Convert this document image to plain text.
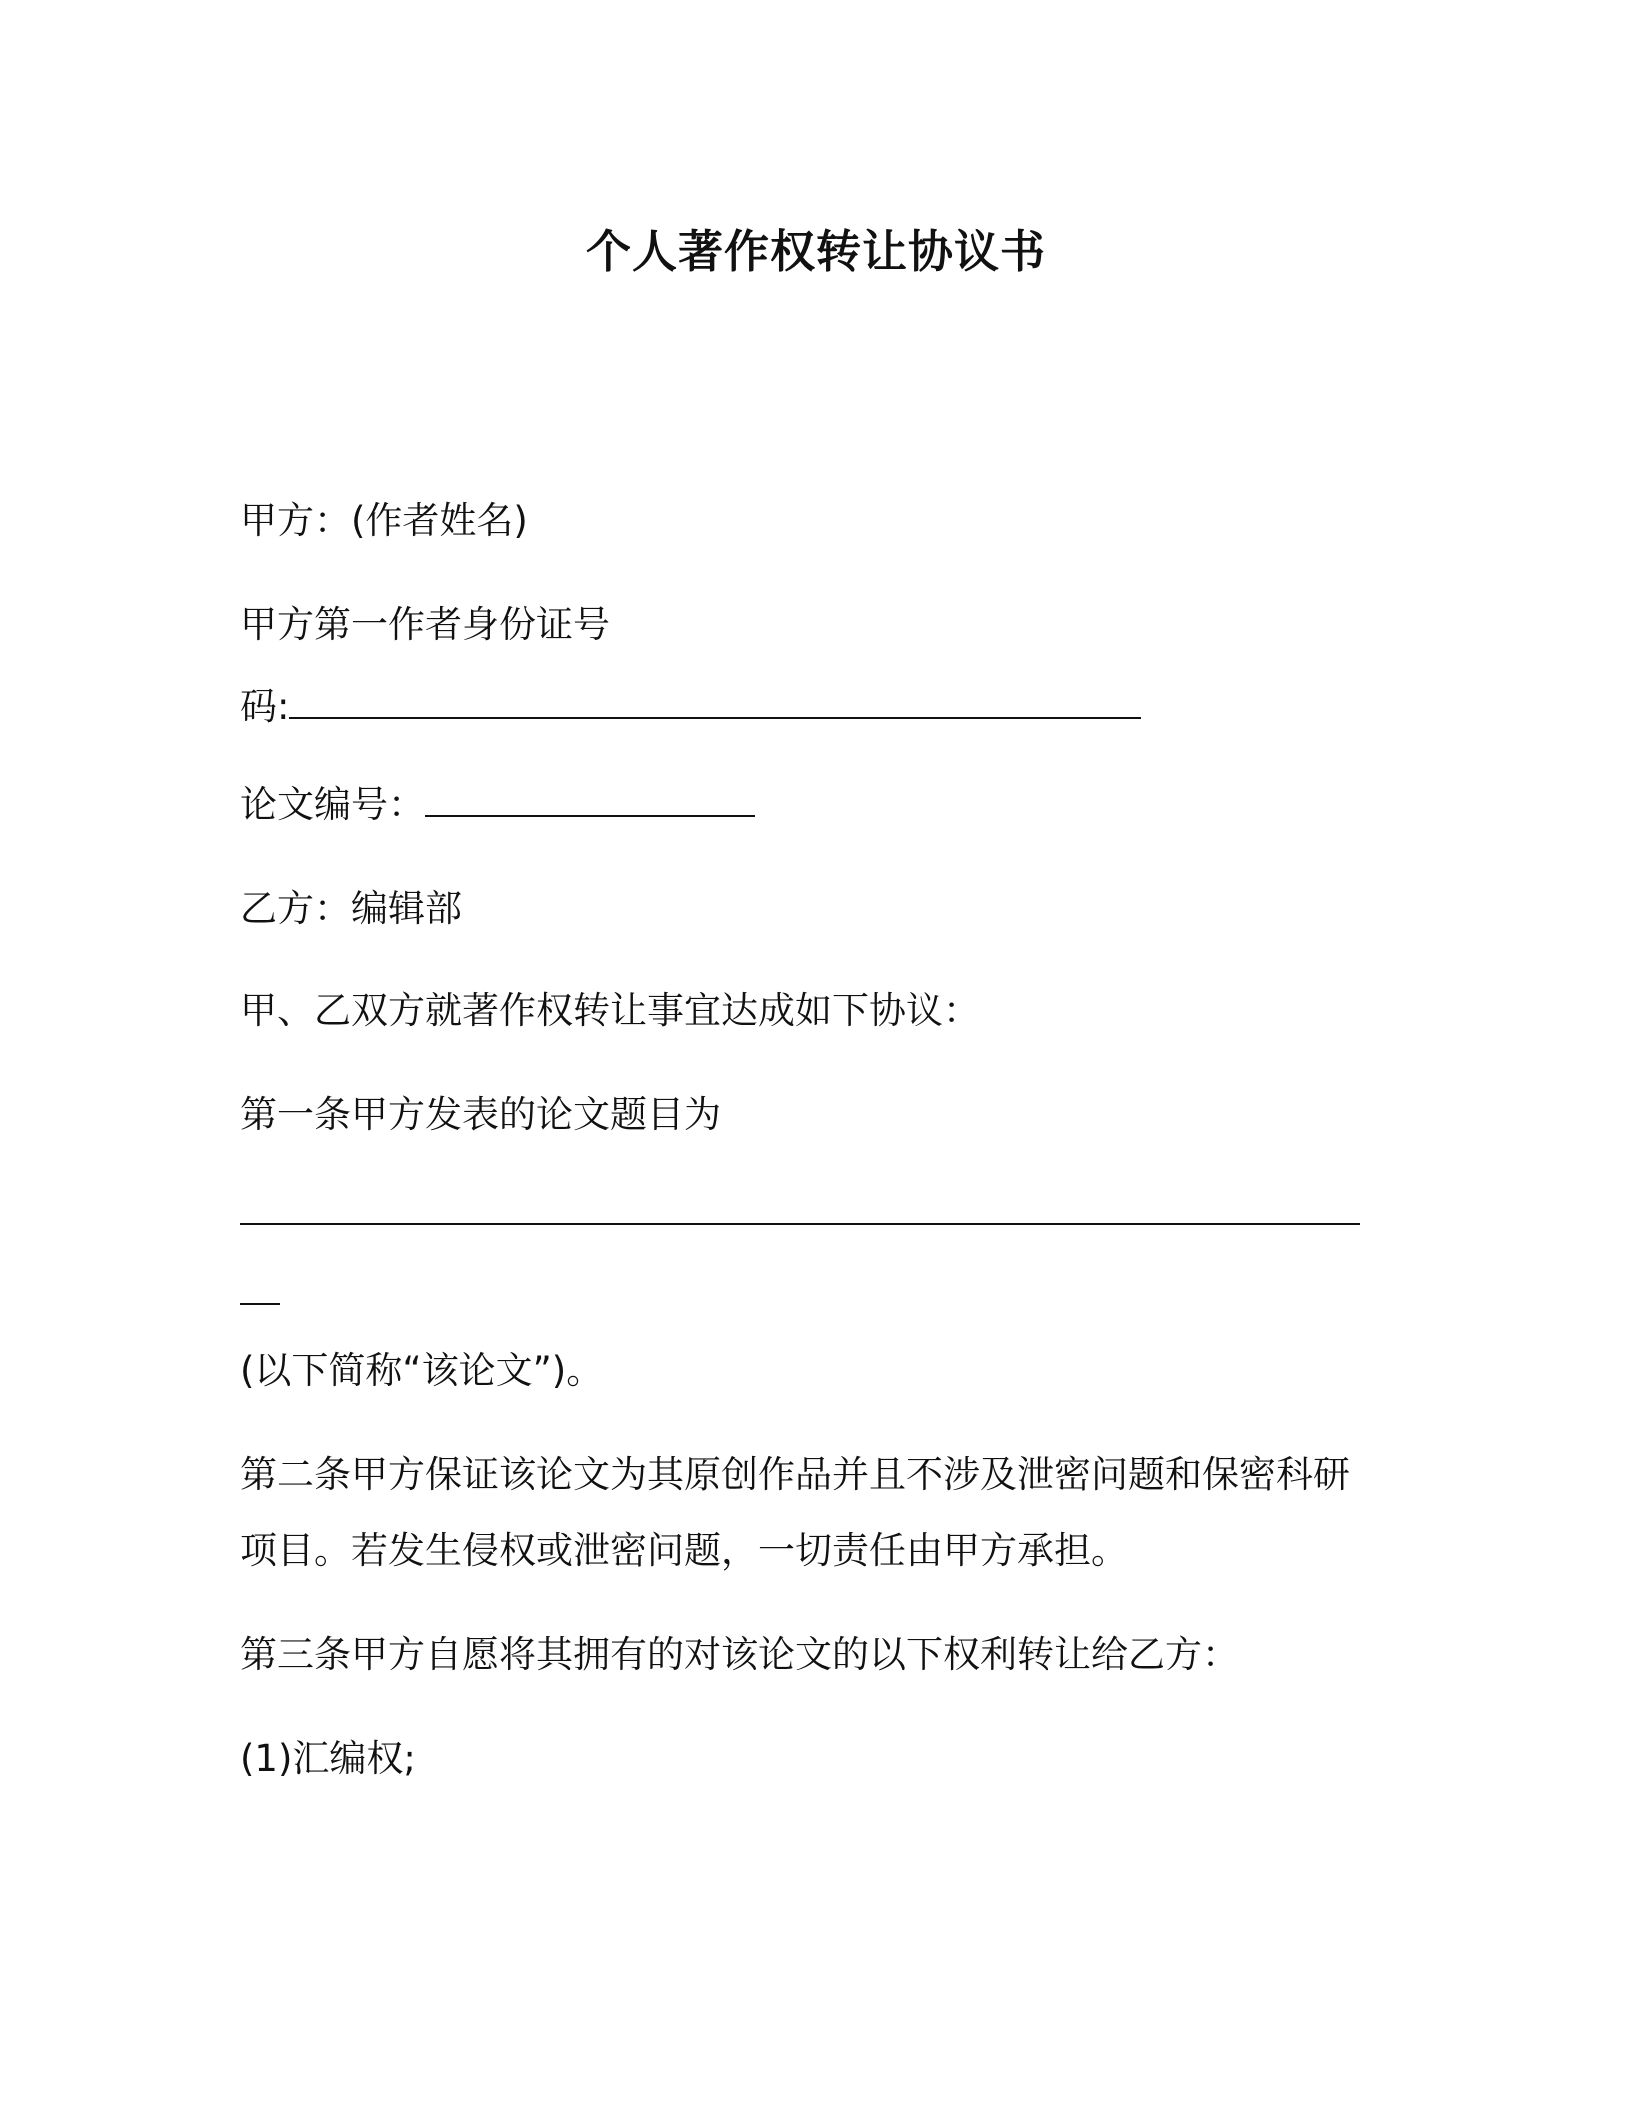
个人著作权转让协议书
甲方：(作者姓名)
甲方第一作者身份证号
码:
论文编号：
乙方：编辑部
甲、乙双方就著作权转让事宜达成如下协议：
第一条甲方发表的论文题目为
(以下简称“该论文”)。
第二条甲方保证该论文为其原创作品并且不涉及泄密问题和保密科研
项目。若发生侵权或泄密问题，一切责任由甲方承担。
第三条甲方自愿将其拥有的对该论文的以下权利转让给乙方：
(1)汇编权;
